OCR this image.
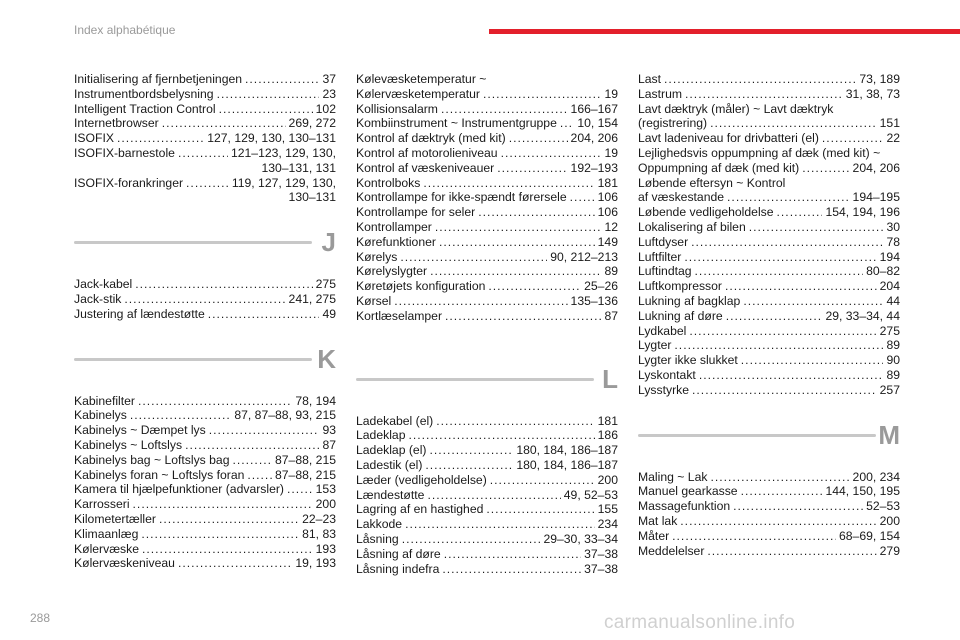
Index alphabétique
Initialisering af fjernbetjeningen .....	37
Instrumentbordsbelysning .....	23
Intelligent Traction Control .....	102
Internetbrowser .....	269, 272
ISOFIX .....	127, 129, 130, 130–131
ISOFIX-barnestole .....	121–123, 129, 130,
130–131, 131
ISOFIX-forankringer .....	119, 127, 129, 130,
130–131
J
Jack-kabel .....	275
Jack-stik .....	241, 275
Justering af lændestøtte .....	49
K
Kabinefilter .....	78, 194
Kabinelys .....	87, 87–88, 93, 215
Kabinelys ~ Dæmpet lys .....	93
Kabinelys ~ Loftslys .....	87
Kabinelys bag ~ Loftslys bag .....	87–88, 215
Kabinelys foran ~ Loftslys foran .....	87–88, 215
Kamera til hjælpefunktioner (advarsler) .....	153
Karrosseri .....	200
Kilometertæller .....	22–23
Klimaanlæg .....	81, 83
Kølervæske .....	193
Kølervæskeniveau .....	19, 193
Kølevæsketemperatur ~
Kølervæsketemperatur .....	19
Kollisionsalarm .....	166–167
Kombiinstrument ~ Instrumentgruppe ..... 10, 154
Kontrol af dæktryk (med kit) .....	204, 206
Kontrol af motorolieniveau .....	19
Kontrol af væskeniveauer .....	192–193
Kontrolboks .....	181
Kontrollampe for ikke-spændt førersele .....	106
Kontrollampe for seler .....	106
Kontrollamper .....	12
Kørefunktioner .....	149
Kørelys .....	90, 212–213
Kørelyslygter .....	89
Køretøjets konfiguration .....	25–26
Kørsel .....	135–136
Kortlæselamper .....	87
L
Ladekabel (el) .....	181
Ladeklap .....	186
Ladeklap (el) .....	180, 184, 186–187
Ladestik (el) .....	180, 184, 186–187
Læder (vedligeholdelse) .....	200
Lændestøtte .....	49, 52–53
Lagring af en hastighed .....	155
Lakkode .....	234
Låsning .....	29–30, 33–34
Låsning af døre .....	37–38
Låsning indefra .....	37–38
Last .....	73, 189
Lastrum .....	31, 38, 73
Lavt dæktryk (måler) ~ Lavt dæktryk
(registrering) .....	151
Lavt ladeniveau for drivbatteri (el) .....	22
Lejlighedsvis oppumpning af dæk (med kit) ~
Oppumpning af dæk (med kit) .....	204, 206
Løbende eftersyn ~ Kontrol
af væskestande .....	194–195
Løbende vedligeholdelse .....	154, 194, 196
Lokalisering af bilen .....	30
Luftdyser .....	78
Luftfilter .....	194
Luftindtag .....	80–82
Luftkompressor .....	204
Lukning af bagklap .....	44
Lukning af døre .....	29, 33–34, 44
Lydkabel .....	275
Lygter .....	89
Lygter ikke slukket .....	90
Lyskontakt .....	89
Lysstyrke .....	257
M
Maling ~ Lak .....	200, 234
Manuel gearkasse .....	144, 150, 195
Massagefunktion .....	52–53
Mat lak .....	200
Måter .....	68–69, 154
Meddelelser .....	279
288	carmanualsonline.info
